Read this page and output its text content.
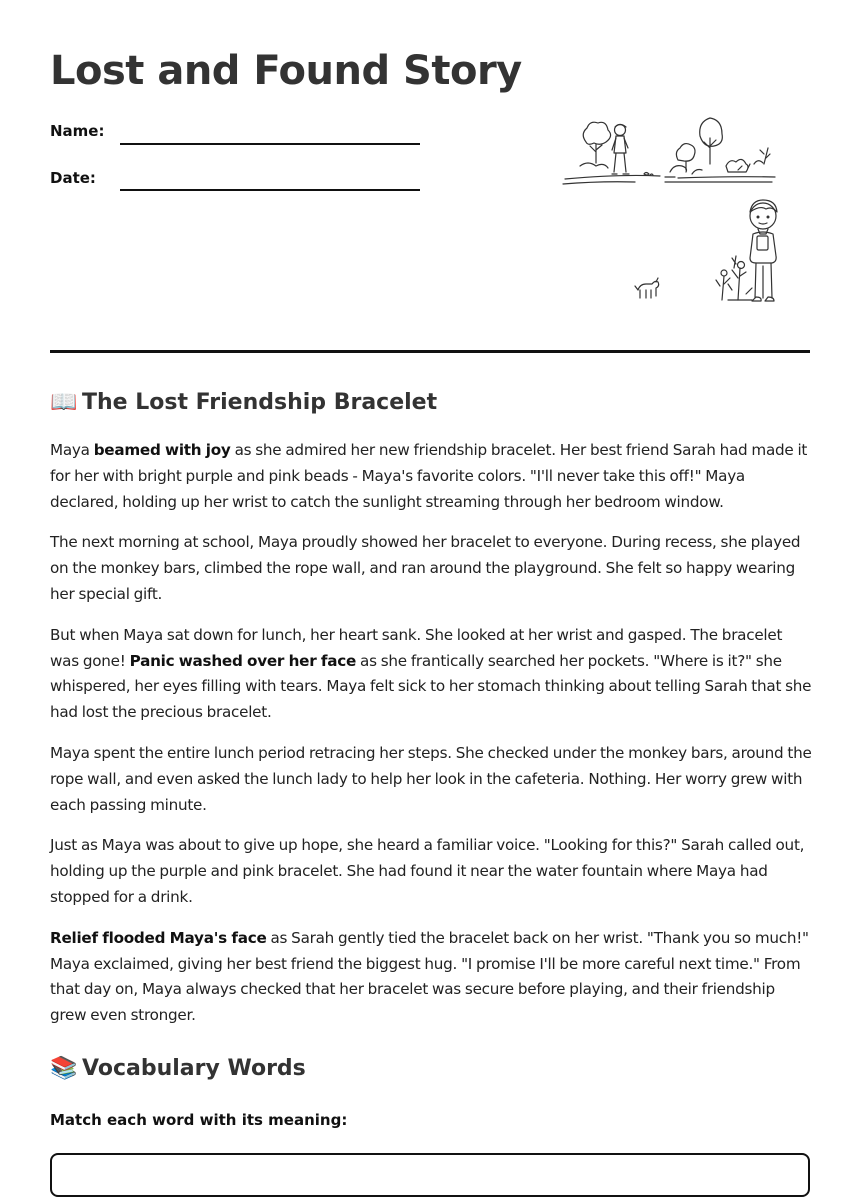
Lost and Found Story
Name:
Date:
📖 The Lost Friendship Bracelet

Maya beamed with joy as she admired her new friendship bracelet. Her best friend Sarah had made it for her with bright purple and pink beads - Maya's favorite colors. "I'll never take this off!" Maya declared, holding up her wrist to catch the sunlight streaming through her bedroom window.

The next morning at school, Maya proudly showed her bracelet to everyone. During recess, she played on the monkey bars, climbed the rope wall, and ran around the playground. She felt so happy wearing her special gift.

But when Maya sat down for lunch, her heart sank. She looked at her wrist and gasped. The bracelet was gone! Panic washed over her face as she frantically searched her pockets. "Where is it?" she whispered, her eyes filling with tears. Maya felt sick to her stomach thinking about telling Sarah that she had lost the precious bracelet.

Maya spent the entire lunch period retracing her steps. She checked under the monkey bars, around the rope wall, and even asked the lunch lady to help her look in the cafeteria. Nothing. Her worry grew with each passing minute.

Just as Maya was about to give up hope, she heard a familiar voice. "Looking for this?" Sarah called out, holding up the purple and pink bracelet. She had found it near the water fountain where Maya had stopped for a drink.

Relief flooded Maya's face as Sarah gently tied the bracelet back on her wrist. "Thank you so much!" Maya exclaimed, giving her best friend the biggest hug. "I promise I'll be more careful next time." From that day on, Maya always checked that her bracelet was secure before playing, and their friendship grew even stronger.

📚 Vocabulary Words
Match each word with its meaning:
